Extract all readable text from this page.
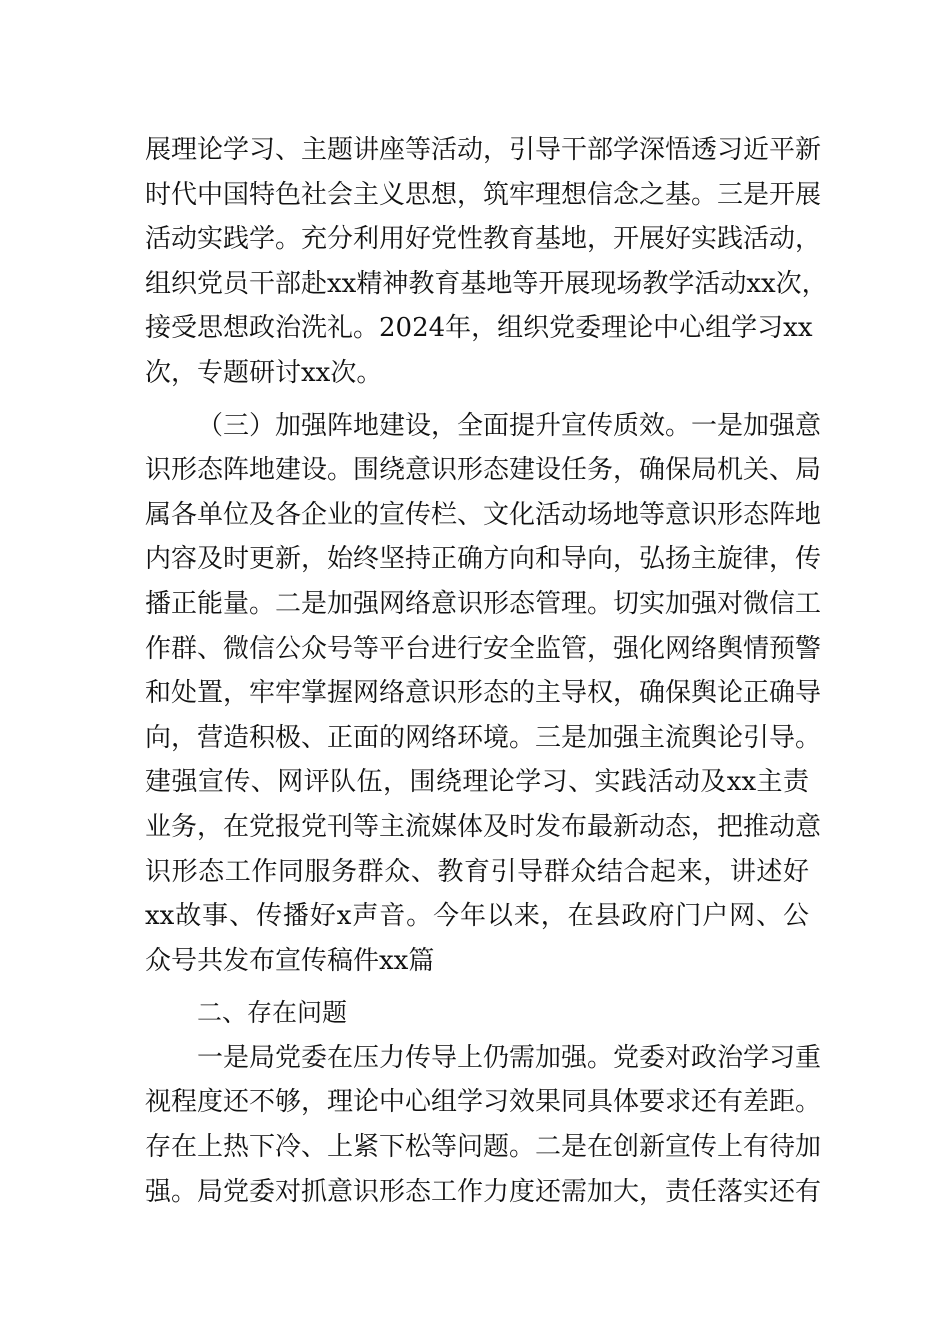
展理论学习、主题讲座等活动，引导干部学深悟透习近平新
时代中国特色社会主义思想，筑牢理想信念之基。三是开展
活动实践学。充分利用好党性教育基地，开展好实践活动，
组织党员干部赴xx精神教育基地等开展现场教学活动xx次，
接受思想政治洗礼。2024年，组织党委理论中心组学习xx
次，专题研讨xx次。
（三）加强阵地建设，全面提升宣传质效。一是加强意
识形态阵地建设。围绕意识形态建设任务，确保局机关、局
属各单位及各企业的宣传栏、文化活动场地等意识形态阵地
内容及时更新，始终坚持正确方向和导向，弘扬主旋律，传
播正能量。二是加强网络意识形态管理。切实加强对微信工
作群、微信公众号等平台进行安全监管，强化网络舆情预警
和处置，牢牢掌握网络意识形态的主导权，确保舆论正确导
向，营造积极、正面的网络环境。三是加强主流舆论引导。
建强宣传、网评队伍，围绕理论学习、实践活动及xx主责
业务，在党报党刊等主流媒体及时发布最新动态，把推动意
识形态工作同服务群众、教育引导群众结合起来，讲述好
xx故事、传播好x声音。今年以来，在县政府门户网、公
众号共发布宣传稿件xx篇
二、存在问题
一是局党委在压力传导上仍需加强。党委对政治学习重
视程度还不够，理论中心组学习效果同具体要求还有差距。
存在上热下冷、上紧下松等问题。二是在创新宣传上有待加
强。局党委对抓意识形态工作力度还需加大，责任落实还有
